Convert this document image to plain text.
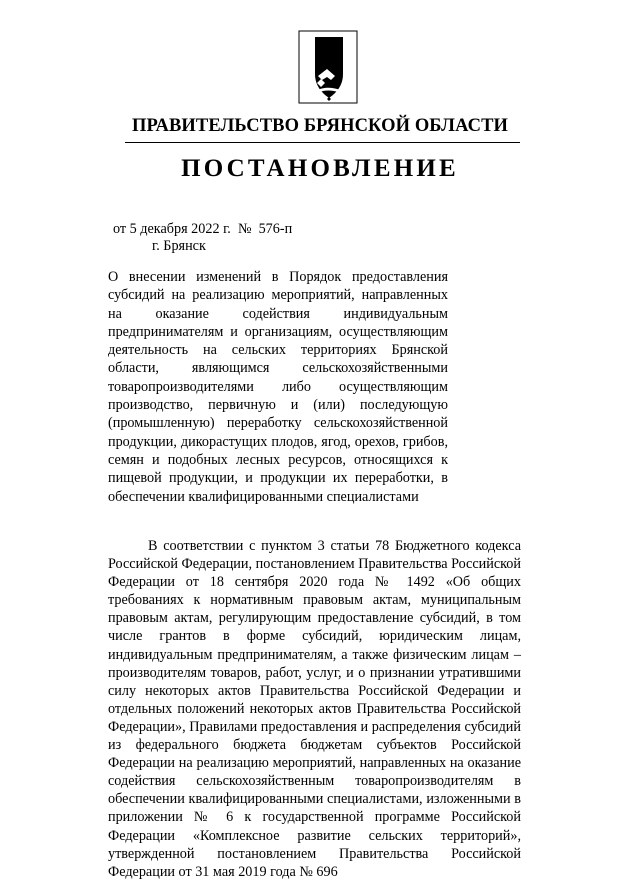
ПРАВИТЕЛЬСТВО БРЯНСКОЙ ОБЛАСТИ
ПОСТАНОВЛЕНИЕ
от 5 декабря 2022 г.  №  576-п
г. Брянск
О внесении изменений в Порядок предоставления субсидий на реализацию мероприятий, направленных на оказание содействия индивидуальным предпринимателям и организациям, осуществляющим деятельность на сельских территориях Брянской области, являющимся сельскохозяйственными товаропроизводителями либо осуществляющим производство, первичную и (или) последующую (промышленную) переработку сельскохозяйственной продукции, дикорастущих плодов, ягод, орехов, грибов, семян и подобных лесных ресурсов, относящихся к пищевой продукции, и продукции их переработки, в обеспечении квалифицированными специалистами
В соответствии с пунктом 3 статьи 78 Бюджетного кодекса Российской Федерации, постановлением Правительства Российской Федерации от 18 сентября 2020 года № 1492 «Об общих требованиях к нормативным правовым актам, муниципальным правовым актам, регулирующим предоставление субсидий, в том числе грантов в форме субсидий, юридическим лицам, индивидуальным предпринимателям, а также физическим лицам – производителям товаров, работ, услуг, и о признании утратившими силу некоторых актов Правительства Российской Федерации и отдельных положений некоторых актов Правительства Российской Федерации», Правилами предоставления и распределения субсидий из федерального бюджета бюджетам субъектов Российской Федерации на реализацию мероприятий, направленных на оказание содействия сельскохозяйственным товаропроизводителям в обеспечении квалифицированными специалистами, изложенными в приложении № 6 к государственной программе Российской Федерации «Комплексное развитие сельских территорий», утвержденной постановлением Правительства Российской Федерации от 31 мая 2019 года № 696
